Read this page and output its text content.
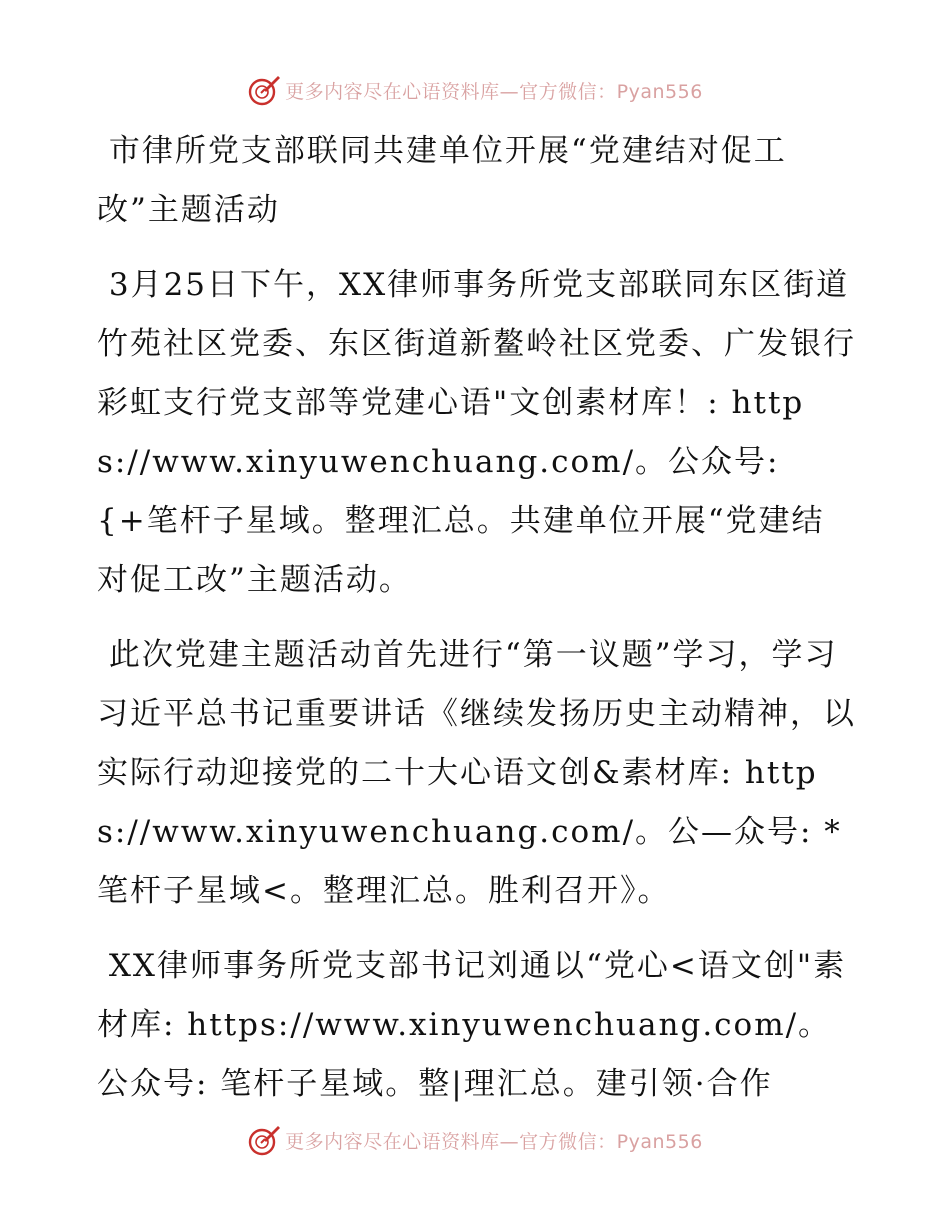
更多内容尽在心语资料库—官方微信：Pyan556

市律所党支部联同共建单位开展“党建结对促工改”主题活动

3月25日下午，XX律师事务所党支部联同东区街道竹苑社区党委、东区街道新鳌岭社区党委、广发银行彩虹支行党支部等党建心语"文创素材库！: https://www.xinyuwenchuang.com/。公众号: {+笔杆子星域。整理汇总。共建单位开展“党建结对促工改”主题活动。

此次党建主题活动首先进行“第一议题”学习，学习习近平总书记重要讲话《继续发扬历史主动精神，以实际行动迎接党的二十大心语文创&素材库: https://www.xinyuwenchuang.com/。公—众号: *笔杆子星域<。整理汇总。胜利召开》。

XX律师事务所党支部书记刘通以“党心<语文创"素材库: https://www.xinyuwenchuang.com/。公众号: 笔杆子星域。整|理汇总。建引领·合作

更多内容尽在心语资料库—官方微信：Pyan556
